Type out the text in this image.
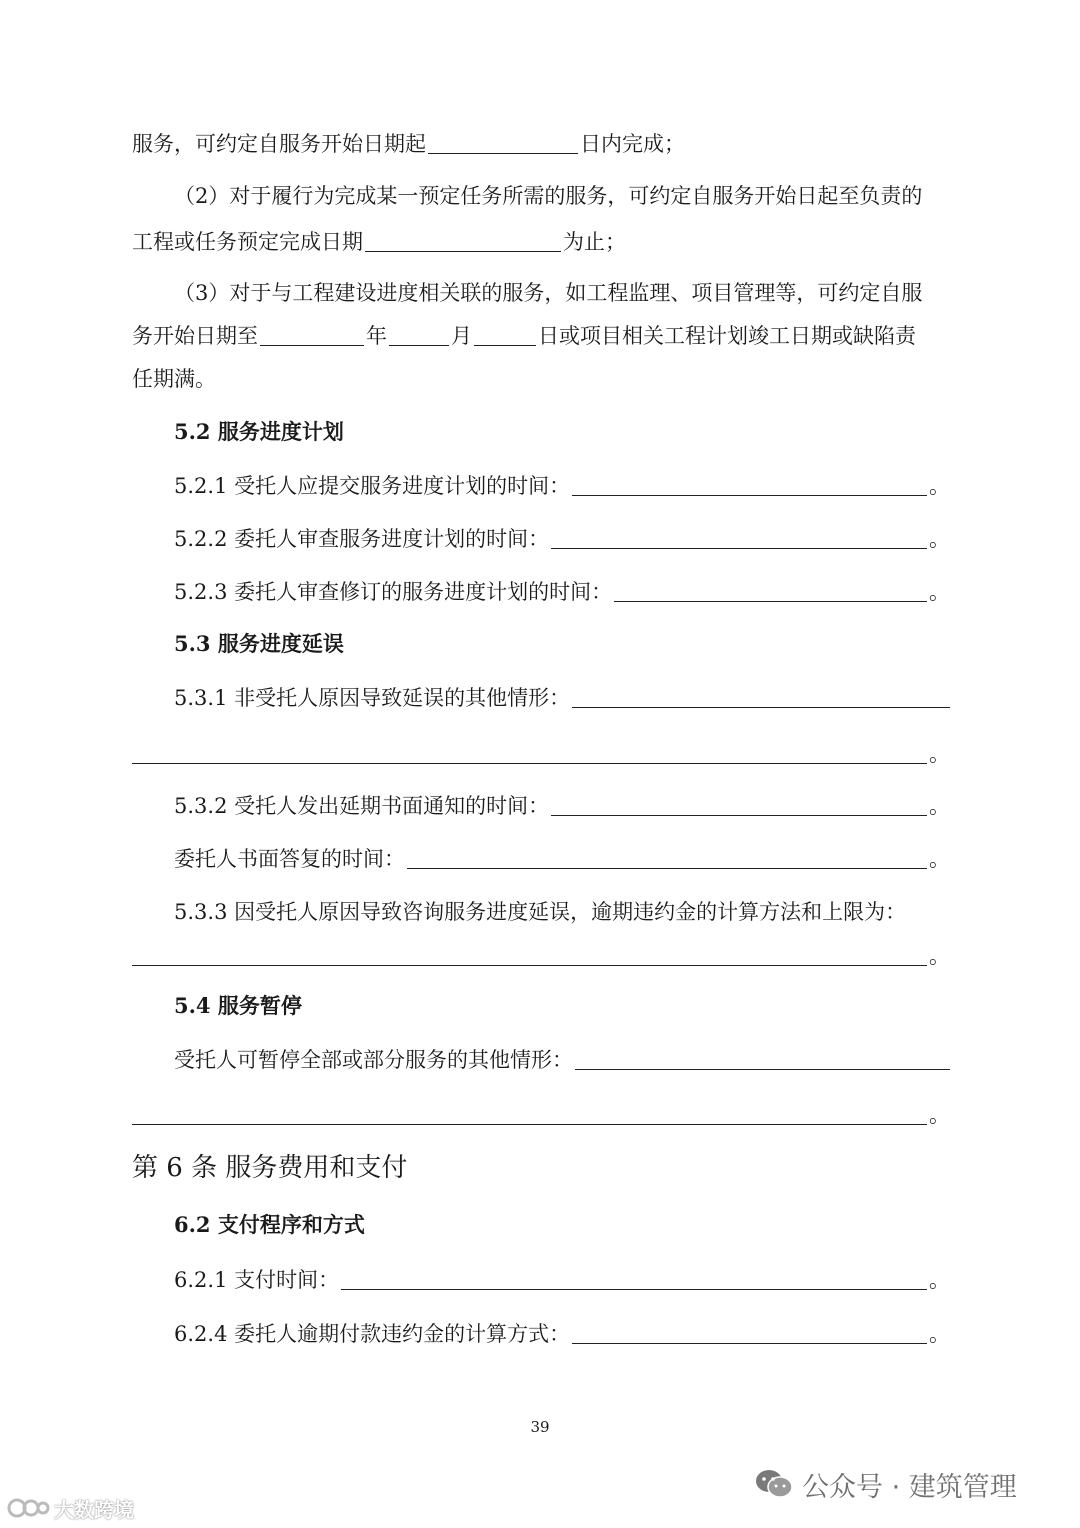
服务，可约定自服务开始日期起	日内完成；
（2）对于履行为完成某一预定任务所需的服务，可约定自服务开始日起至负责的
工程或任务预定完成日期	为止；
（3）对于与工程建设进度相关联的服务，如工程监理、项目管理等，可约定自服
务开始日期至	年	月	日或项目相关工程计划竣工日期或缺陷责
任期满。
5.2 服务进度计划
5.2.1 受托人应提交服务进度计划的时间：	。
5.2.2 委托人审查服务进度计划的时间：	。
5.2.3 委托人审查修订的服务进度计划的时间：	。
5.3 服务进度延误
5.3.1 非受托人原因导致延误的其他情形：
。
5.3.2 受托人发出延期书面通知的时间：	。
委托人书面答复的时间：	。
5.3.3 因受托人原因导致咨询服务进度延误，逾期违约金的计算方法和上限为：
。
5.4 服务暂停
受托人可暂停全部或部分服务的其他情形：
。
第 6 条 服务费用和支付
6.2 支付程序和方式
6.2.1 支付时间：	。
6.2.4 委托人逾期付款违约金的计算方式：	。
39
公众号 · 建筑管理
大数跨境
